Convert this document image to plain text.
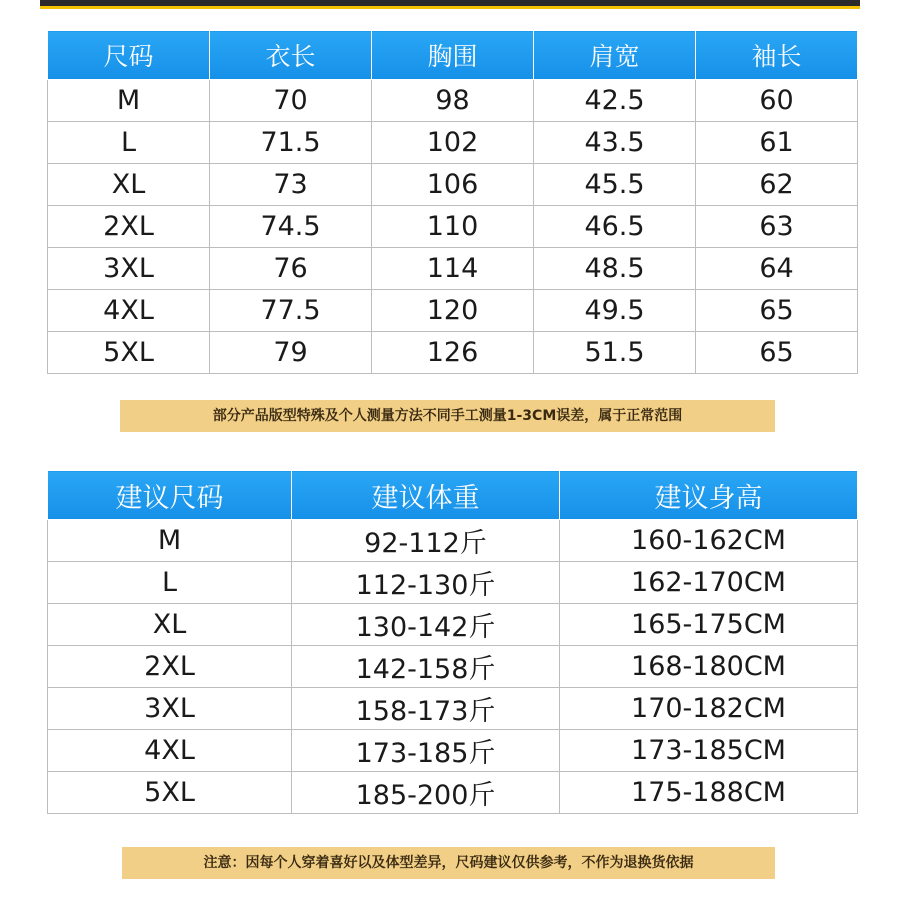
尺码	衣长	胸围	肩宽	袖长
M	70	98	42.5	60
L	71.5	102	43.5	61
XL	73	106	45.5	62
2XL	74.5	110	46.5	63
3XL	76	114	48.5	64
4XL	77.5	120	49.5	65
5XL	79	126	51.5	65
部分产品版型特殊及个人测量方法不同手工测量1-3CM误差，属于正常范围
建议尺码	建议体重	建议身高
M	92-112斤	160-162CM
L	112-130斤	162-170CM
XL	130-142斤	165-175CM
2XL	142-158斤	168-180CM
3XL	158-173斤	170-182CM
4XL	173-185斤	173-185CM
5XL	185-200斤	175-188CM
注意：因每个人穿着喜好以及体型差异，尺码建议仅供参考，不作为退换货依据
